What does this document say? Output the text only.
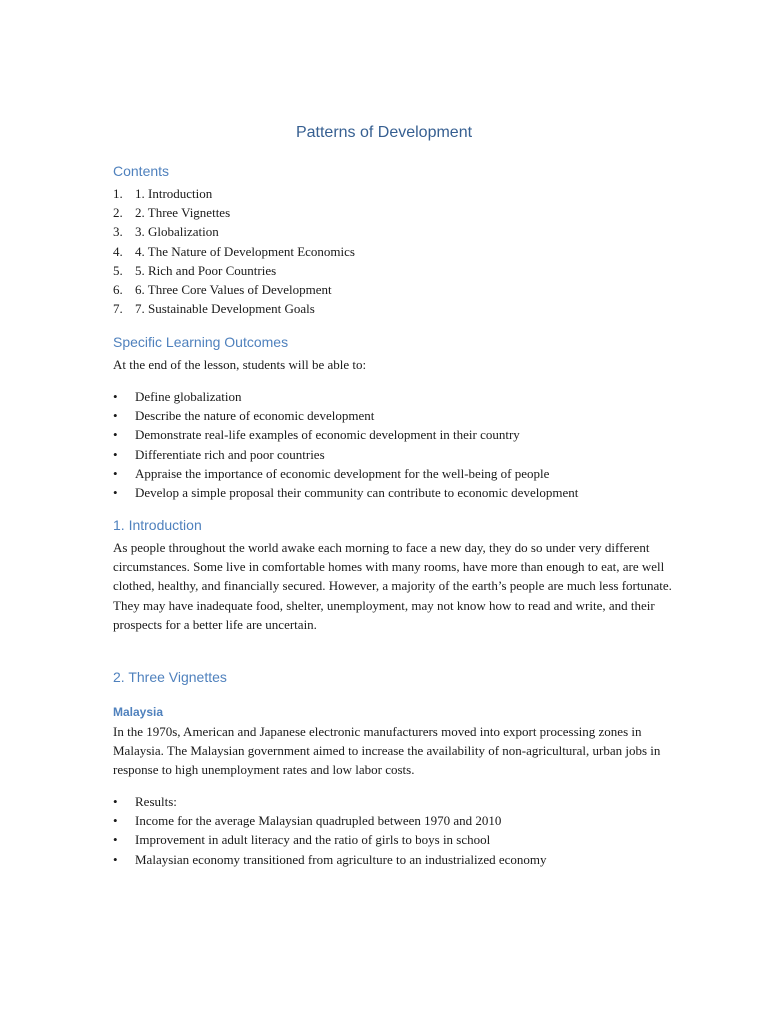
Patterns of Development
Contents
1. 1. Introduction
2. 2. Three Vignettes
3. 3. Globalization
4. 4. The Nature of Development Economics
5. 5. Rich and Poor Countries
6. 6. Three Core Values of Development
7. 7. Sustainable Development Goals
Specific Learning Outcomes

At the end of the lesson, students will be able to:

• Define globalization
• Describe the nature of economic development
• Demonstrate real-life examples of economic development in their country
• Differentiate rich and poor countries
• Appraise the importance of economic development for the well-being of people
• Develop a simple proposal their community can contribute to economic development
1. Introduction

As people throughout the world awake each morning to face a new day, they do so under very different circumstances. Some live in comfortable homes with many rooms, have more than enough to eat, are well clothed, healthy, and financially secured. However, a majority of the earth’s people are much less fortunate. They may have inadequate food, shelter, unemployment, may not know how to read and write, and their prospects for a better life are uncertain.

2. Three Vignettes
Malaysia

In the 1970s, American and Japanese electronic manufacturers moved into export processing zones in Malaysia. The Malaysian government aimed to increase the availability of non-agricultural, urban jobs in response to high unemployment rates and low labor costs.

• Results:
• Income for the average Malaysian quadrupled between 1970 and 2010
• Improvement in adult literacy and the ratio of girls to boys in school
• Malaysian economy transitioned from agriculture to an industrialized economy
